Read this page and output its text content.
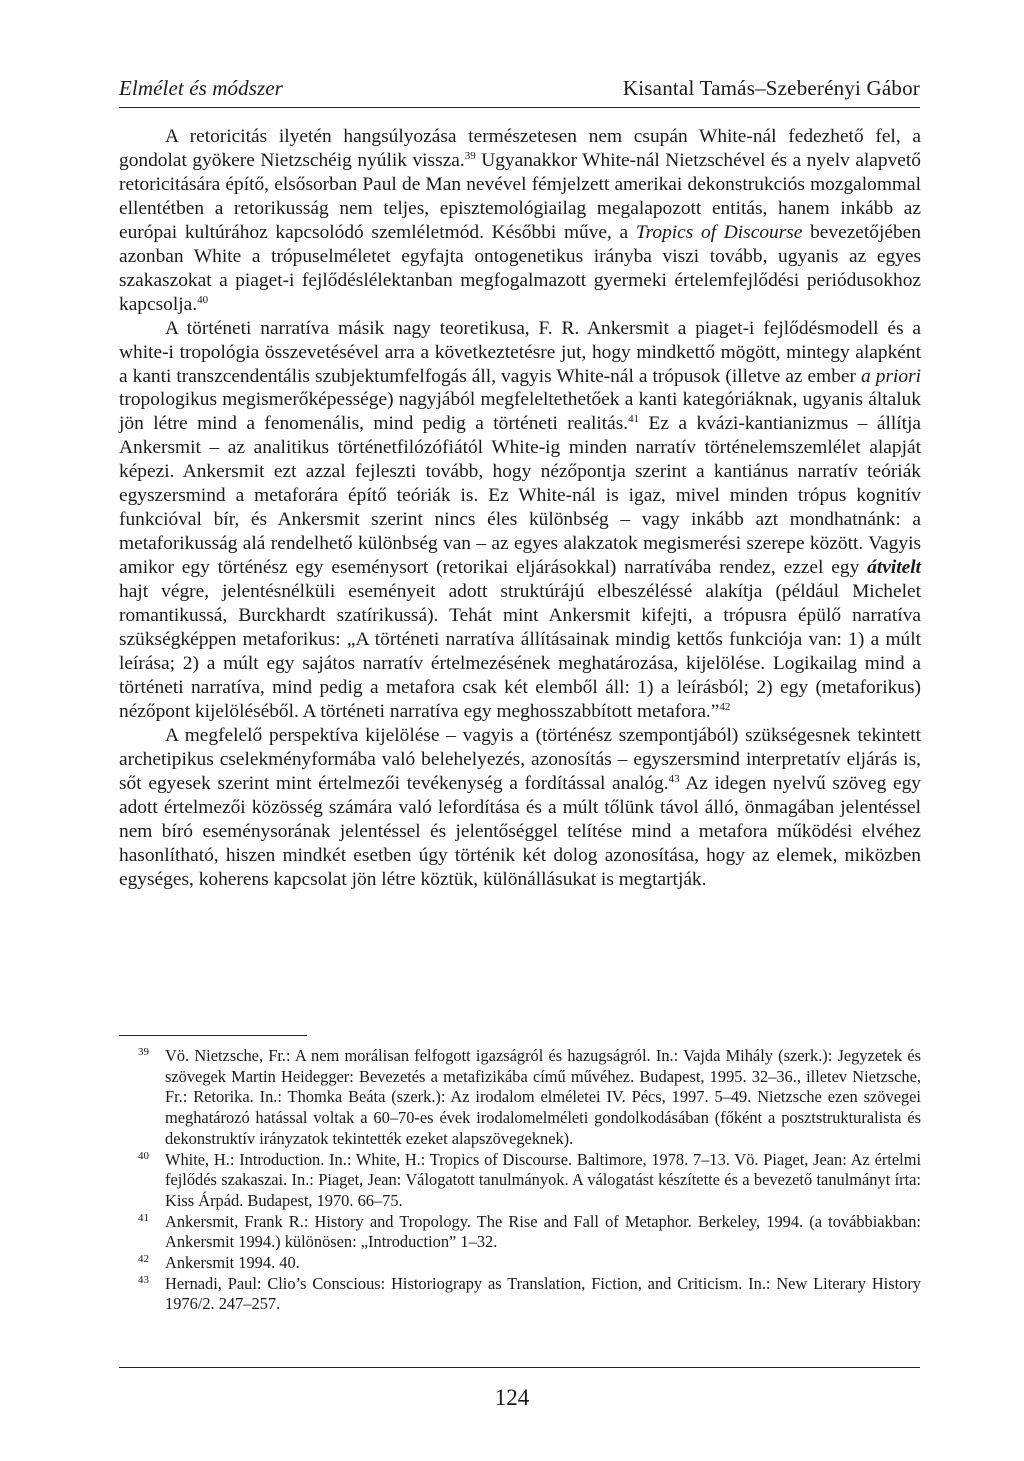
Elmélet és módszer	Kisantal Tamás–Szeberényi Gábor

A retoricitás ilyetén hangsúlyozása természetesen nem csupán White-nál fedezhető fel, a gondolat gyökere Nietzschéig nyúlik vissza.$^{39}$ Ugyanakkor White-nál Nietzschével és a nyelv alapvető retoricitására építő, elsősorban Paul de Man nevével fémjelzett amerikai dekonstrukciós mozgalommal ellentétben a retorikusság nem teljes, episztemológiailag megalapozott entitás, hanem inkább az európai kultúrához kapcsolódó szemléletmód. Későbbi műve, a Tropics of Discourse bevezetőjében azonban White a trópuselméletet egyfajta ontogenetikus irányba viszi tovább, ugyanis az egyes szakaszokat a piaget-i fejlődéslélektanban megfogalmazott gyermeki értelemfejlődési periódusokhoz kapcsolja.$^{40}$

A történeti narratíva másik nagy teoretikusa, F. R. Ankersmit a piaget-i fejlődésmodell és a white-i tropológia összevetésével arra a következtetésre jut, hogy mindkettő mögött, mintegy alapként a kanti transzcendentális szubjektumfelfogás áll, vagyis White-nál a trópusok (illetve az ember a priori tropologikus megismerőképessége) nagyjából megfeleltethetőek a kanti kategóriáknak, ugyanis általuk jön létre mind a fenomenális, mind pedig a történeti realitás.$^{41}$ Ez a kvázi-kantianizmus – állítja Ankersmit – az analitikus történetfilózófiától White-ig minden narratív történelemszemlélet alapját képezi. Ankersmit ezt azzal fejleszti tovább, hogy nézőpontja szerint a kantiánus narratív teóriák egyszersmind a metaforára építő teóriák is. Ez White-nál is igaz, mivel minden trópus kognitív funkcióval bír, és Ankersmit szerint nincs éles különbség – vagy inkább azt mondhatnánk: a metaforikusság alá rendelhető különbség van – az egyes alakzatok megismerési szerepe között. Vagyis amikor egy történész egy eseménysort (retorikai eljárásokkal) narratívába rendez, ezzel egy átvitelt hajt végre, jelentésnélküli eseményeit adott struktúrájú elbeszéléssé alakítja (például Michelet romantikussá, Burckhardt szatírikussá). Tehát mint Ankersmit kifejti, a trópusra épülő narratíva szükségképpen metaforikus: „A történeti narratíva állításainak mindig kettős funkciója van: 1) a múlt leírása; 2) a múlt egy sajátos narratív értelmezésének meghatározása, kijelölése. Logikailag mind a történeti narratíva, mind pedig a metafora csak két elemből áll: 1) a leírásból; 2) egy (metaforikus) nézőpont kijelöléséből. A történeti narratíva egy meghosszabbított metafora.”$^{42}$

A megfelelő perspektíva kijelölése – vagyis a (történész szempontjából) szükségesnek tekintett archetipikus cselekményformába való belehelyezés, azonosítás – egyszersmind interpretatív eljárás is, sőt egyesek szerint mint értelmezői tevékenység a fordítással analóg.$^{43}$ Az idegen nyelvű szöveg egy adott értelmezői közösség számára való lefordítása és a múlt tőlünk távol álló, önmagában jelentéssel nem bíró eseménysorának jelentéssel és jelentőséggel telítése mind a metafora működési elvéhez hasonlítható, hiszen mindkét esetben úgy történik két dolog azonosítása, hogy az elemek, miközben egységes, koherens kapcsolat jön létre köztük, különállásukat is megtartják.

39 Vö. Nietzsche, Fr.: A nem morálisan felfogott igazságról és hazugságról. In.: Vajda Mihály (szerk.): Jegyzetek és szövegek Martin Heidegger: Bevezetés a metafizikába című művéhez. Budapest, 1995. 32–36., illetev Nietzsche, Fr.: Retorika. In.: Thomka Beáta (szerk.): Az irodalom elméletei IV. Pécs, 1997. 5–49. Nietzsche ezen szövegei meghatározó hatással voltak a 60–70-es évek irodalomelméleti gondolkodásában (főként a posztstrukturalista és dekonstruktív irányzatok tekintették ezeket alapszövegeknek).
40 White, H.: Introduction. In.: White, H.: Tropics of Discourse. Baltimore, 1978. 7–13. Vö. Piaget, Jean: Az értelmi fejlődés szakaszai. In.: Piaget, Jean: Válogatott tanulmányok. A válogatást készítette és a bevezető tanulmányt írta: Kiss Árpád. Budapest, 1970. 66–75.
41 Ankersmit, Frank R.: History and Tropology. The Rise and Fall of Metaphor. Berkeley, 1994. (a továbbiakban: Ankersmit 1994.) különösen: „Introduction” 1–32.
42 Ankersmit 1994. 40.
43 Hernadi, Paul: Clio’s Conscious: Historiograpy as Translation, Fiction, and Criticism. In.: New Literary History 1976/2. 247–257.
124
